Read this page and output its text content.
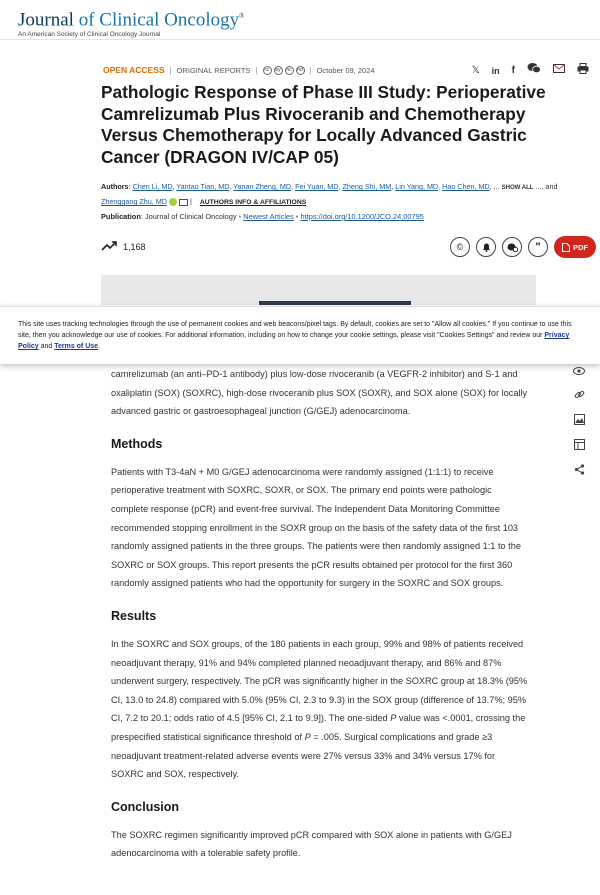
Journal of Clinical Oncology®
An American Society of Clinical Oncology Journal
OPEN ACCESS | ORIGINAL REPORTS |	cc	by	nc	nd | October 09, 2024	𝕏 in f
Pathologic Response of Phase III Study: Perioperative Camrelizumab Plus Rivoceranib and Chemotherapy Versus Chemotherapy for Locally Advanced Gastric Cancer (DRAGON IV/CAP 05)
Authors: Chen Li, MD, Yantao Tian, MD, Yanan Zheng, MD, Fei Yuan, MD, Zheng Shi, MM, Lin Yang, MD, Hao Chen, MD, ... SHOW ALL ..., and Zhenggang Zhu, MD	| AUTHORS INFO & AFFILIATIONS
Publication: Journal of Clinical Oncology • Newest Articles • https://doi.org/10.1200/JCO.24.00795
1,168	©	"	PDF
This site uses tracking technologies through the use of permanent cookies and web beacons/pixel tags. By default, cookies are set to "Allow all cookies." If you continue to use this site, then you acknowledge our use of cookies. For additional information, including on how to change your cookie settings, please visit "Cookies Settings" and review our Privacy Policy and Terms of Use.

camrelizumab (an anti–PD-1 antibody) plus low-dose rivoceranib (a VEGFR-2 inhibitor) and S-1 and oxaliplatin (SOX) (SOXRC), high-dose rivoceranib plus SOX (SOXR), and SOX alone (SOX) for locally advanced gastric or gastroesophageal junction (G/GEJ) adenocarcinoma.

Methods

Patients with T3-4aN + M0 G/GEJ adenocarcinoma were randomly assigned (1:1:1) to receive perioperative treatment with SOXRC, SOXR, or SOX. The primary end points were pathologic complete response (pCR) and event-free survival. The Independent Data Monitoring Committee recommended stopping enrollment in the SOXR group on the basis of the safety data of the first 103 randomly assigned patients in the three groups. The patients were then randomly assigned 1:1 to the SOXRC or SOX groups. This report presents the pCR results obtained per protocol for the first 360 randomly assigned patients who had the opportunity for surgery in the SOXRC and SOX groups.

Results

In the SOXRC and SOX groups, of the 180 patients in each group, 99% and 98% of patients received neoadjuvant therapy, 91% and 94% completed planned neoadjuvant therapy, and 86% and 87% underwent surgery, respectively. The pCR was significantly higher in the SOXRC group at 18.3% (95% CI, 13.0 to 24.8) compared with 5.0% (95% CI, 2.3 to 9.3) in the SOX group (difference of 13.7%; 95% CI, 7.2 to 20.1; odds ratio of 4.5 [95% CI, 2.1 to 9.9]). The one-sided P value was <.0001, crossing the prespecified statistical significance threshold of P = .005. Surgical complications and grade ≥3 neoadjuvant treatment-related adverse events were 27% versus 33% and 34% versus 17% for SOXRC and SOX, respectively.

Conclusion

The SOXRC regimen significantly improved pCR compared with SOX alone in patients with G/GEJ adenocarcinoma with a tolerable safety profile.
